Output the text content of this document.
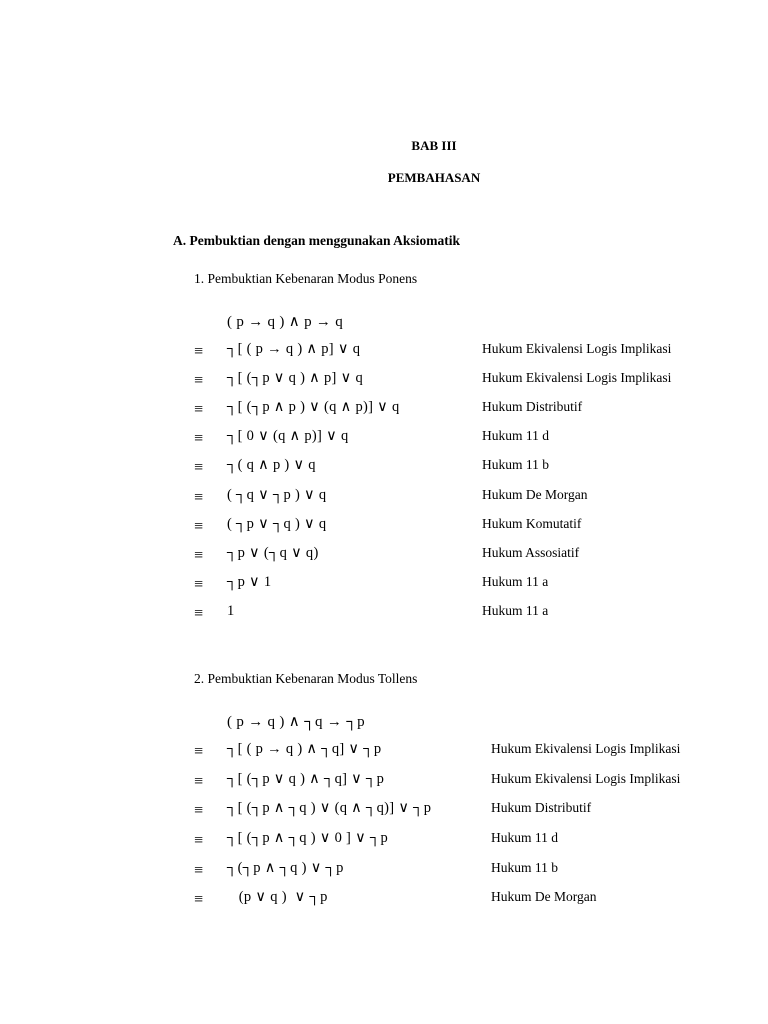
BAB III
PEMBAHASAN
A. Pembuktian dengan menggunakan Aksiomatik
1. Pembuktian Kebenaran Modus Ponens
( p → q ) ∧ p → q
≡ ┐[ ( p → q ) ∧ p] ∨ q	Hukum Ekivalensi Logis Implikasi
≡ ┐[ (┐p ∨ q ) ∧ p] ∨ q	Hukum Ekivalensi Logis Implikasi
≡ ┐[ (┐p ∧ p ) ∨ (q ∧ p)] ∨ q	Hukum Distributif
≡ ┐[ 0 ∨ (q ∧ p)] ∨ q	Hukum 11 d
≡ ┐( q ∧ p ) ∨ q	Hukum 11 b
≡ ( ┐q ∨ ┐p ) ∨ q	Hukum De Morgan
≡ ( ┐p ∨ ┐q ) ∨ q	Hukum Komutatif
≡ ┐p ∨ (┐q ∨ q)	Hukum Assosiatif
≡ ┐p ∨ 1	Hukum 11 a
≡ 1	Hukum 11 a
2. Pembuktian Kebenaran Modus Tollens
( p → q ) ∧ ┐q → ┐p
≡ ┐[ ( p → q ) ∧ ┐q] ∨ ┐p	Hukum Ekivalensi Logis Implikasi
≡ ┐[ (┐p ∨ q ) ∧ ┐q] ∨ ┐p	Hukum Ekivalensi Logis Implikasi
≡ ┐[ (┐p ∧ ┐q ) ∨ (q ∧ ┐q)] ∨ ┐p	Hukum Distributif
≡ ┐[ (┐p ∧ ┐q ) ∨ 0 ] ∨ ┐p	Hukum 11 d
≡ ┐(┐p ∧ ┐q ) ∨ ┐p	Hukum 11 b
≡ (p ∨ q )  ∨ ┐p	Hukum De Morgan
